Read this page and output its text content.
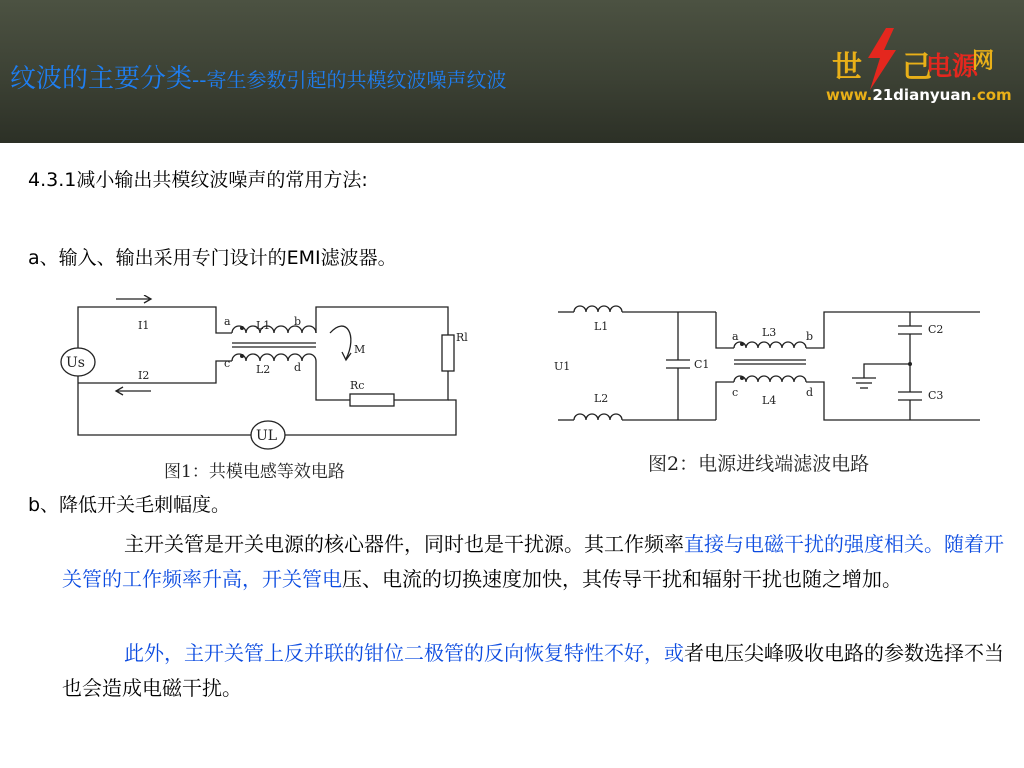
纹波的主要分类--寄生参数引起的共模纹波噪声纹波	世 己
电源
网
www.21dianyuan.com
4.3.1减小输出共模纹波噪声的常用方法:
a、输入、输出采用专门设计的EMI滤波器。
Us
UL
I1
I2
a	b
c	d
L1
L2
M
Rl
Rc
图1：共模电感等效电路
U1
L1
L2
C1
L3
L4
a	b
c	d
C2
C3
图2：电源进线端滤波电路
b、降低开关毛刺幅度。
主开关管是开关电源的核心器件，同时也是干扰源。其工作频率直接与电磁干扰的强度相关。随着开关管的工作频率升高，开关管电压、电流的切换速度加快，其传导干扰和辐射干扰也随之增加。
此外，主开关管上反并联的钳位二极管的反向恢复特性不好，或者电压尖峰吸收电路的参数选择不当也会造成电磁干扰。
